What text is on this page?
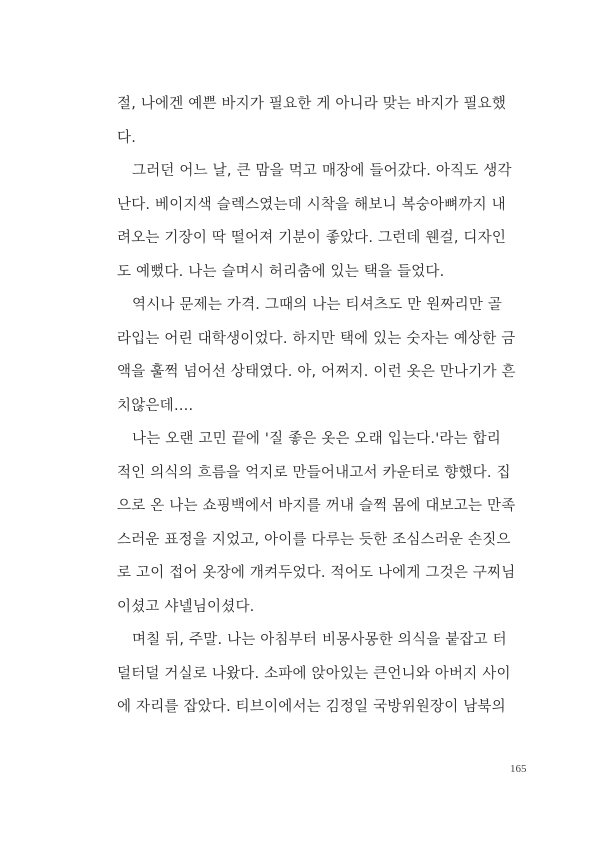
절, 나에겐 예쁜 바지가 필요한 게 아니라 맞는 바지가 필요했
다.
그러던 어느 날, 큰 맘을 먹고 매장에 들어갔다. 아직도 생각
난다. 베이지색 슬렉스였는데 시착을 해보니 복숭아뼈까지 내
려오는 기장이 딱 떨어져 기분이 좋았다. 그런데 웬걸, 디자인
도 예뻤다. 나는 슬며시 허리춤에 있는 택을 들었다.
역시나 문제는 가격. 그때의 나는 티셔츠도 만 원짜리만 골
라입는 어린 대학생이었다. 하지만 택에 있는 숫자는 예상한 금
액을 훌쩍 넘어선 상태였다. 아, 어쩌지. 이런 옷은 만나기가 흔
치않은데….
나는 오랜 고민 끝에 '질 좋은 옷은 오래 입는다.'라는 합리
적인 의식의 흐름을 억지로 만들어내고서 카운터로 향했다. 집
으로 온 나는 쇼핑백에서 바지를 꺼내 슬쩍 몸에 대보고는 만족
스러운 표정을 지었고, 아이를 다루는 듯한 조심스러운 손짓으
로 고이 접어 옷장에 개켜두었다. 적어도 나에게 그것은 구찌님
이셨고 샤넬님이셨다.
며칠 뒤, 주말. 나는 아침부터 비몽사몽한 의식을 붙잡고 터
덜터덜 거실로 나왔다. 소파에 앉아있는 큰언니와 아버지 사이
에 자리를 잡았다. 티브이에서는 김정일 국방위원장이 남북의
165
